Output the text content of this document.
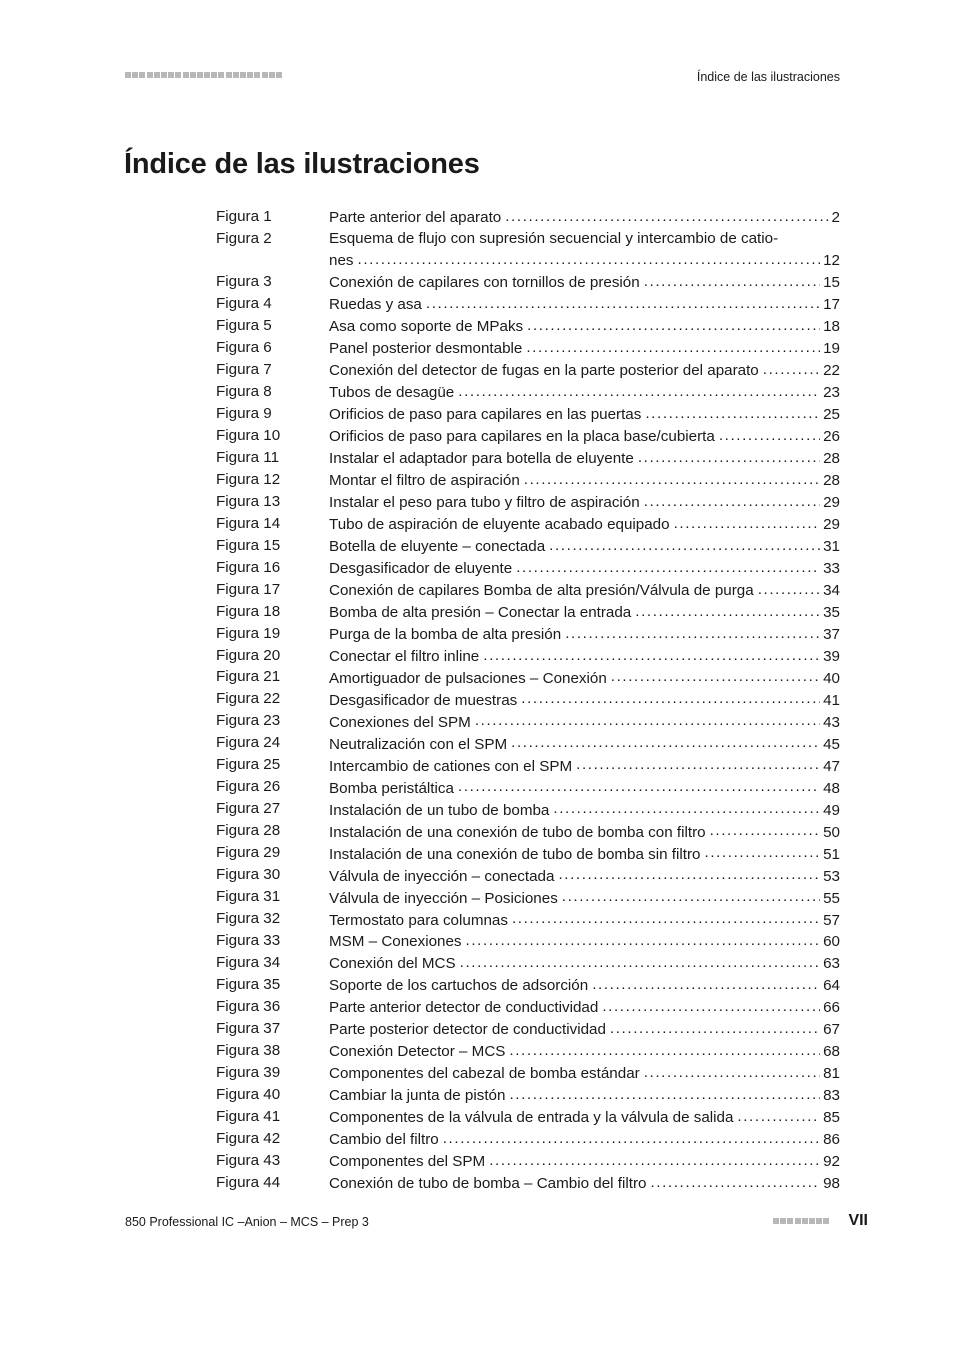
Índice de las ilustraciones
Índice de las ilustraciones
Figura 1	Parte anterior del aparato .....	2
Figura 2	Esquema de flujo con supresión secuencial y intercambio de catio-
nes .....	12
Figura 3	Conexión de capilares con tornillos de presión .....	15
Figura 4	Ruedas y asa .....	17
Figura 5	Asa como soporte de MPaks .....	18
Figura 6	Panel posterior desmontable .....	19
Figura 7	Conexión del detector de fugas en la parte posterior del aparato .....	22
Figura 8	Tubos de desagüe .....	23
Figura 9	Orificios de paso para capilares en las puertas .....	25
Figura 10	Orificios de paso para capilares en la placa base/cubierta .....	26
Figura 11	Instalar el adaptador para botella de eluyente .....	28
Figura 12	Montar el filtro de aspiración .....	28
Figura 13	Instalar el peso para tubo y filtro de aspiración .....	29
Figura 14	Tubo de aspiración de eluyente acabado equipado .....	29
Figura 15	Botella de eluyente – conectada .....	31
Figura 16	Desgasificador de eluyente .....	33
Figura 17	Conexión de capilares Bomba de alta presión/Válvula de purga .....	34
Figura 18	Bomba de alta presión – Conectar la entrada .....	35
Figura 19	Purga de la bomba de alta presión .....	37
Figura 20	Conectar el filtro inline .....	39
Figura 21	Amortiguador de pulsaciones – Conexión .....	40
Figura 22	Desgasificador de muestras .....	41
Figura 23	Conexiones del SPM .....	43
Figura 24	Neutralización con el SPM .....	45
Figura 25	Intercambio de cationes con el SPM .....	47
Figura 26	Bomba peristáltica .....	48
Figura 27	Instalación de un tubo de bomba .....	49
Figura 28	Instalación de una conexión de tubo de bomba con filtro .....	50
Figura 29	Instalación de una conexión de tubo de bomba sin filtro .....	51
Figura 30	Válvula de inyección – conectada .....	53
Figura 31	Válvula de inyección – Posiciones .....	55
Figura 32	Termostato para columnas .....	57
Figura 33	MSM – Conexiones .....	60
Figura 34	Conexión del MCS .....	63
Figura 35	Soporte de los cartuchos de adsorción .....	64
Figura 36	Parte anterior detector de conductividad .....	66
Figura 37	Parte posterior detector de conductividad .....	67
Figura 38	Conexión Detector – MCS .....	68
Figura 39	Componentes del cabezal de bomba estándar .....	81
Figura 40	Cambiar la junta de pistón .....	83
Figura 41	Componentes de la válvula de entrada y la válvula de salida .....	85
Figura 42	Cambio del filtro .....	86
Figura 43	Componentes del SPM .....	92
Figura 44	Conexión de tubo de bomba – Cambio del filtro .....	98
850 Professional IC –Anion – MCS – Prep 3	VII
